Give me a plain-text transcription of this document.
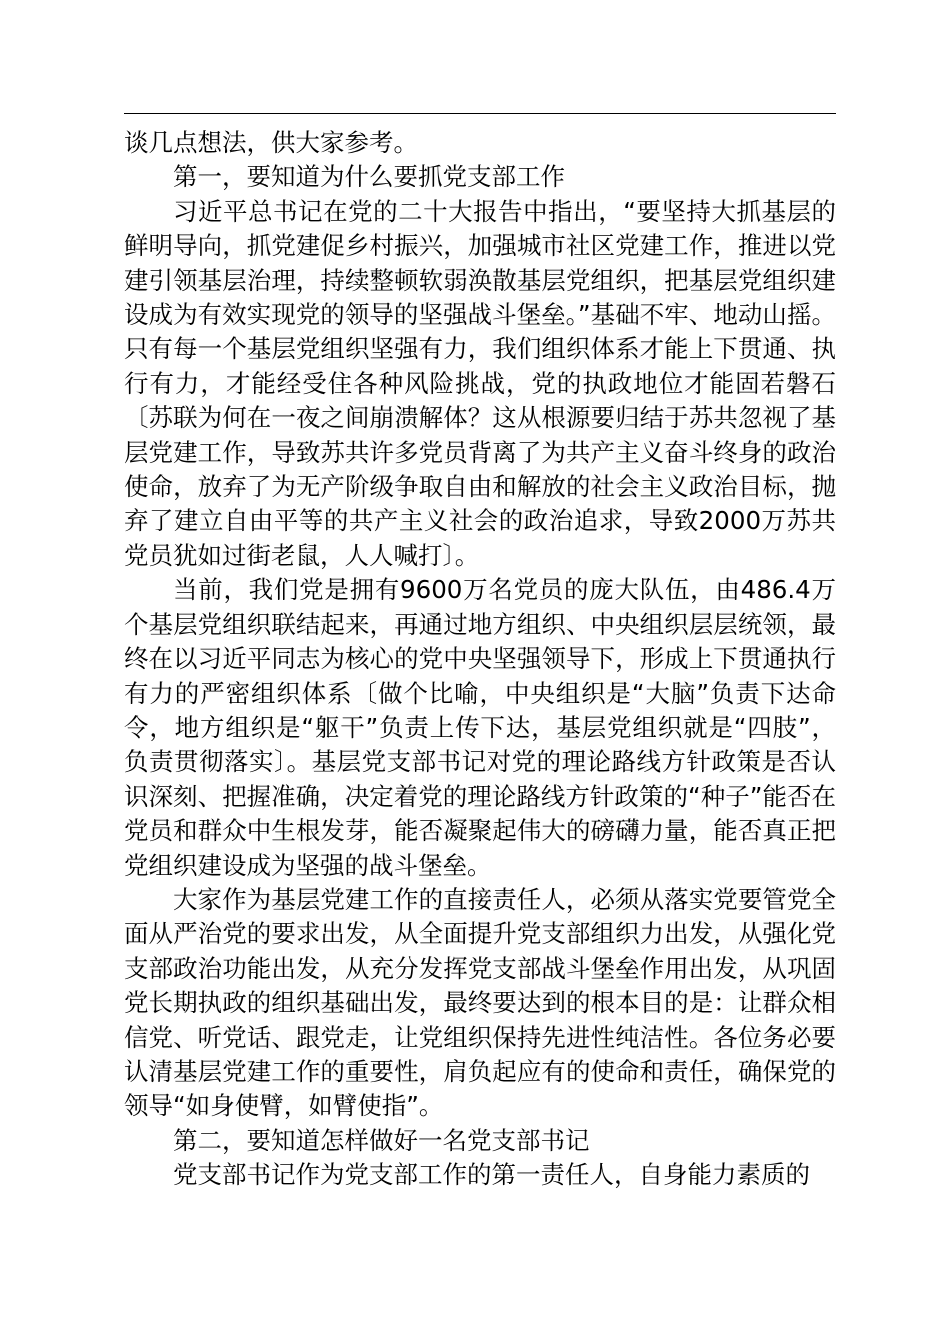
谈几点想法，供大家参考。

第一，要知道为什么要抓党支部工作

习近平总书记在党的二十大报告中指出，“要坚持大抓基层的鲜明导向，抓党建促乡村振兴，加强城市社区党建工作，推进以党建引领基层治理，持续整顿软弱涣散基层党组织，把基层党组织建设成为有效实现党的领导的坚强战斗堡垒。”基础不牢、地动山摇。只有每一个基层党组织坚强有力，我们组织体系才能上下贯通、执行有力，才能经受住各种风险挑战，党的执政地位才能固若磐石〔苏联为何在一夜之间崩溃解体？这从根源要归结于苏共忽视了基层党建工作，导致苏共许多党员背离了为共产主义奋斗终身的政治使命，放弃了为无产阶级争取自由和解放的社会主义政治目标，抛弃了建立自由平等的共产主义社会的政治追求，导致2000万苏共党员犹如过街老鼠，人人喊打〕。

当前，我们党是拥有9600万名党员的庞大队伍，由486.4万个基层党组织联结起来，再通过地方组织、中央组织层层统领，最终在以习近平同志为核心的党中央坚强领导下，形成上下贯通执行有力的严密组织体系〔做个比喻，中央组织是“大脑”负责下达命令，地方组织是“躯干”负责上传下达，基层党组织就是“四肢”，负责贯彻落实〕。基层党支部书记对党的理论路线方针政策是否认识深刻、把握准确，决定着党的理论路线方针政策的“种子”能否在党员和群众中生根发芽，能否凝聚起伟大的磅礴力量，能否真正把党组织建设成为坚强的战斗堡垒。

大家作为基层党建工作的直接责任人，必须从落实党要管党全面从严治党的要求出发，从全面提升党支部组织力出发，从强化党支部政治功能出发，从充分发挥党支部战斗堡垒作用出发，从巩固党长期执政的组织基础出发，最终要达到的根本目的是：让群众相信党、听党话、跟党走，让党组织保持先进性纯洁性。各位务必要认清基层党建工作的重要性，肩负起应有的使命和责任，确保党的领导“如身使臂，如臂使指”。

第二，要知道怎样做好一名党支部书记

党支部书记作为党支部工作的第一责任人，自身能力素质的
